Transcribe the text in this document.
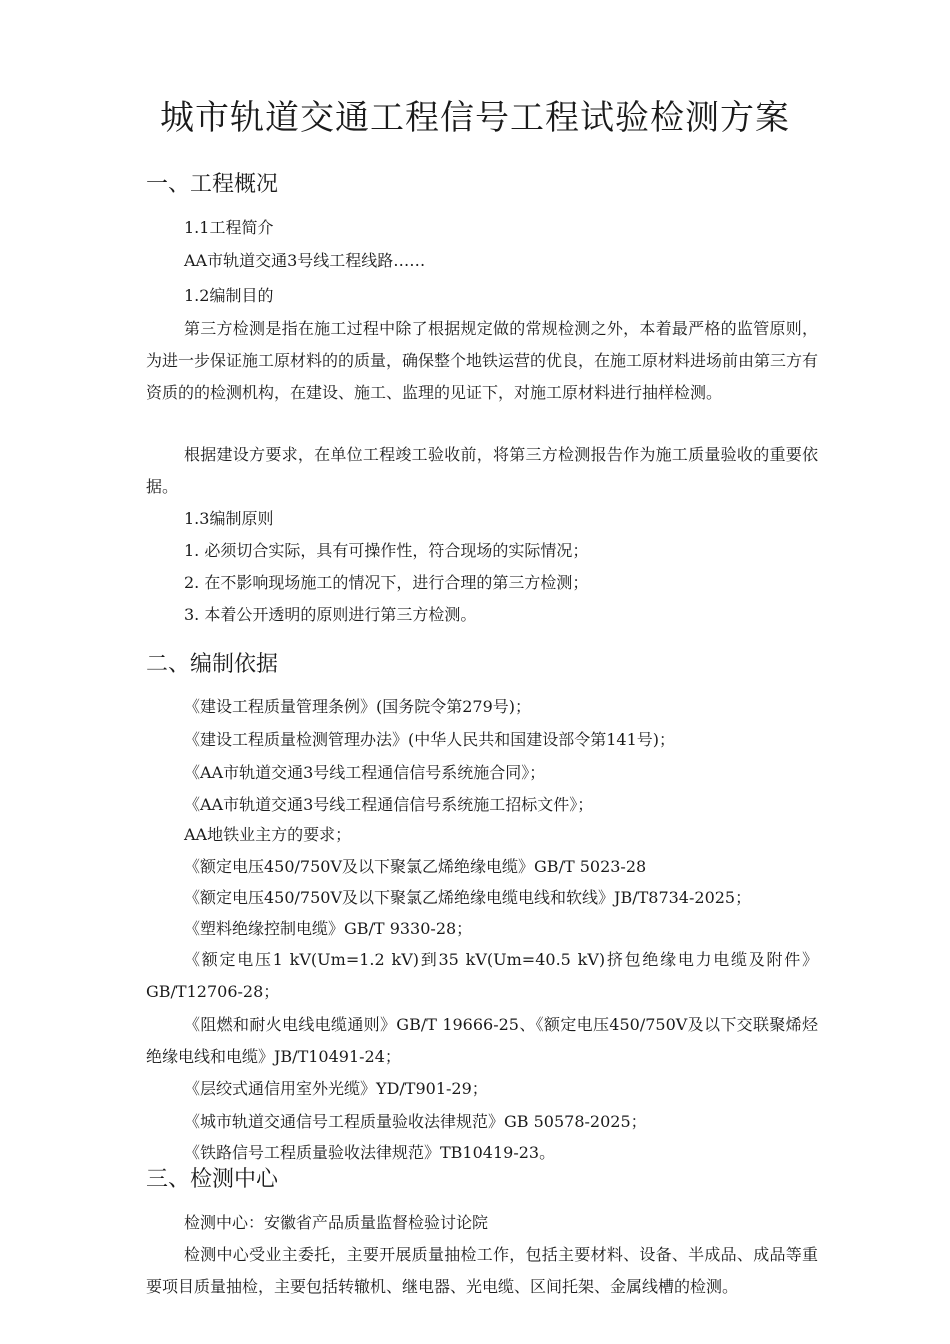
城市轨道交通工程信号工程试验检测方案
一、工程概况
1.1工程简介
AA市轨道交通3号线工程线路……
1.2编制目的
第三方检测是指在施工过程中除了根据规定做的常规检测之外，本着最严格的监管原则，为进一步保证施工原材料的的质量，确保整个地铁运营的优良，在施工原材料进场前由第三方有资质的的检测机构，在建设、施工、监理的见证下，对施工原材料进行抽样检测。
根据建设方要求，在单位工程竣工验收前，将第三方检测报告作为施工质量验收的重要依据。
1.3编制原则
1. 必须切合实际，具有可操作性，符合现场的实际情况；
2. 在不影响现场施工的情况下，进行合理的第三方检测；
3. 本着公开透明的原则进行第三方检测。
二、编制依据
《建设工程质量管理条例》(国务院令第279号)；
《建设工程质量检测管理办法》(中华人民共和国建设部令第141号)；
《AA市轨道交通3号线工程通信信号系统施合同》；
《AA市轨道交通3号线工程通信信号系统施工招标文件》；
AA地铁业主方的要求；
《额定电压450/750V及以下聚氯乙烯绝缘电缆》GB/T 5023-28
《额定电压450/750V及以下聚氯乙烯绝缘电缆电线和软线》JB/T8734-2025；
《塑料绝缘控制电缆》GB/T 9330-28；
《额定电压1 kV(Um=1.2 kV)到35 kV(Um=40.5 kV)挤包绝缘电力电缆及附件》GB/T12706-28；
《阻燃和耐火电线电缆通则》GB/T 19666-25、《额定电压450/750V及以下交联聚烯烃绝缘电线和电缆》JB/T10491-24；
《层绞式通信用室外光缆》YD/T901-29；
《城市轨道交通信号工程质量验收法律规范》GB 50578-2025；
《铁路信号工程质量验收法律规范》TB10419-23。
三、检测中心
检测中心：安徽省产品质量监督检验讨论院
检测中心受业主委托，主要开展质量抽检工作，包括主要材料、设备、半成品、成品等重要项目质量抽检，主要包括转辙机、继电器、光电缆、区间托架、金属线槽的检测。
